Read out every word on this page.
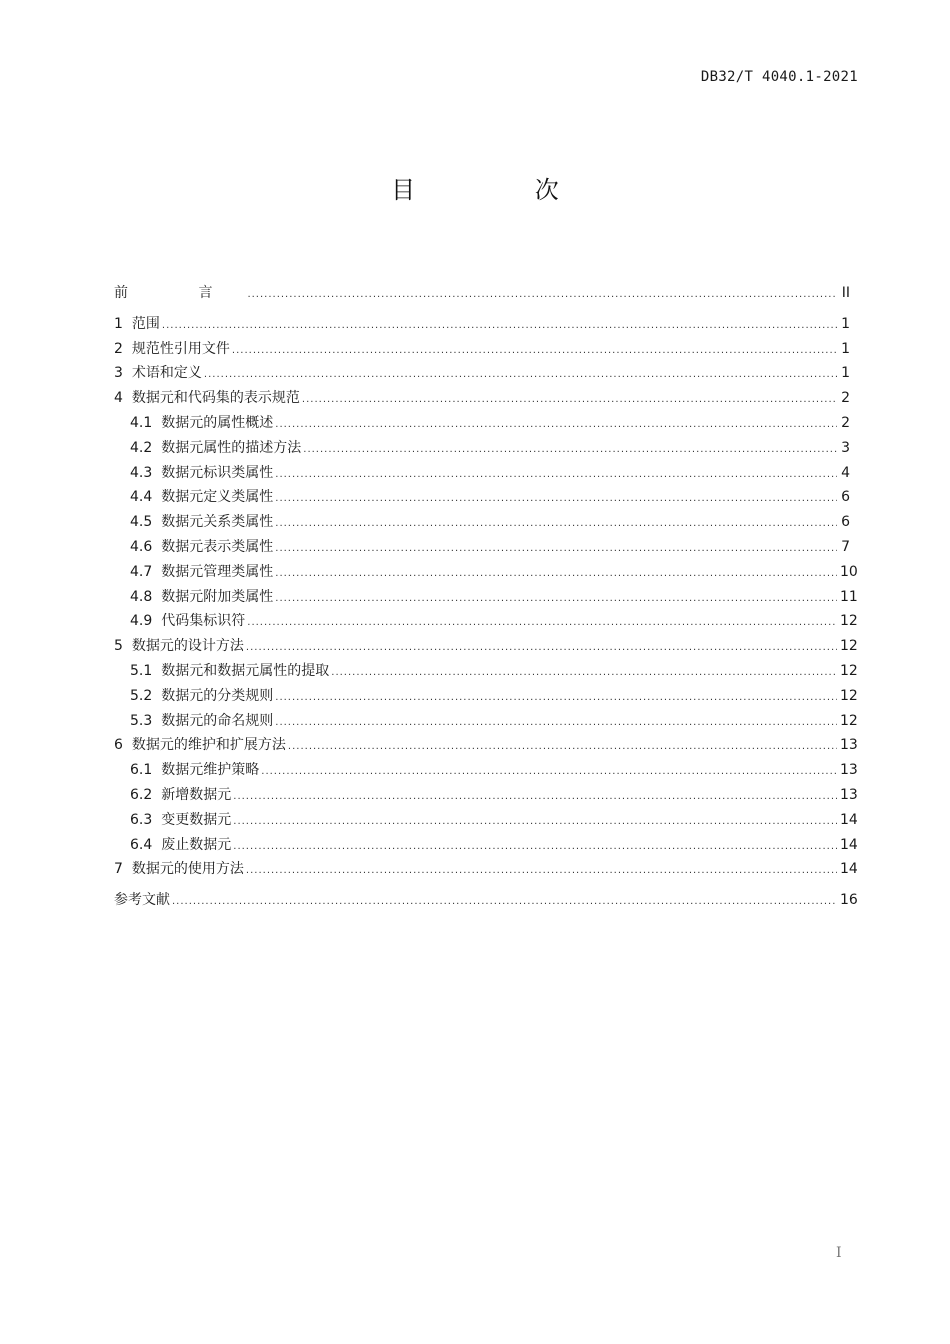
DB32/T 4040.1-2021
目 次
前 言 .....	II
1 范围 .....	1
2 规范性引用文件 .....	1
3 术语和定义 .....	1
4 数据元和代码集的表示规范 .....	2
4.1 数据元的属性概述 .....	2
4.2 数据元属性的描述方法 .....	3
4.3 数据元标识类属性 .....	4
4.4 数据元定义类属性 .....	6
4.5 数据元关系类属性 .....	6
4.6 数据元表示类属性 .....	7
4.7 数据元管理类属性 .....	10
4.8 数据元附加类属性 .....	11
4.9 代码集标识符 .....	12
5 数据元的设计方法 .....	12
5.1 数据元和数据元属性的提取 .....	12
5.2 数据元的分类规则 .....	12
5.3 数据元的命名规则 .....	12
6 数据元的维护和扩展方法 .....	13
6.1 数据元维护策略 .....	13
6.2 新增数据元 .....	13
6.3 变更数据元 .....	14
6.4 废止数据元 .....	14
7 数据元的使用方法 .....	14
参考文献 .....	16
I
